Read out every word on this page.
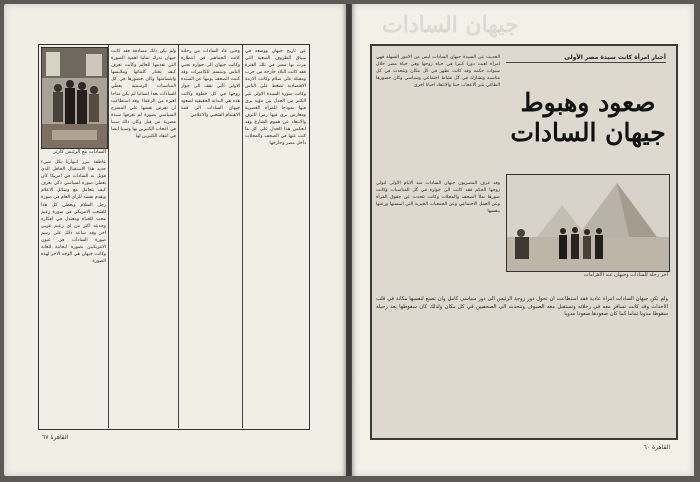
السادات مع الرئيس كارتر
عاطفة يبرر انبهارنا بكل شيء جديد هذا الاستقبال الحافل الذي قوبل به السادات في امريكا كان يعطي صورة لسياسي ذكي يعرف كيف يتعامل مع وسائل الاعلام ويقدم نفسه للرأي العام في صورة رجل السلام ويعطي كل هذا للشعب الامريكي في صورة زعيم محب للحياة ومعتدل في افكاره وحديثه اكثر من اي زعيم عربي اخر وقد ساعد ذلك على رسم صورة السادات في عيون الامريكيين بصورة ايجابية للغاية وكانت جيهان هي الوجه الاخر لهذه الصورة
ولم يكن ذلك مصادفة فقد كانت جيهان تدرك تماما اهمية الصورة التي تقدمها للعالم وكانت تعرف كيف تختار كلماتها وملابسها وابتسامتها وكان حضورها في كل المناسبات الرسمية يعطي للسادات بعدا انسانيا لم يكن متاحا لغيره من الزعماء وقد استطاعت ان تفرض نفسها على المسرح السياسي بصورة لم تعرفها سيدة مصرية من قبل وكان ذلك سببا في اعجاب الكثيرين بها وسببا ايضا في انتقاد الكثيرين لها
وحين عاد السادات من رحلته كانت الجماهير في انتظاره وكانت جيهان الى جواره تحيي الناس وتبتسم للكاميرات وقد كتبت الصحف يومها عن السيدة الاولى التي تقف الى جوار زوجها في كل خطوة وكانت هذه هي البداية الحقيقية لصعود جيهان السادات الى قمة الاهتمام الشعبي والاعلامي
عن تاريخ جيهان ووضعه في سياق الظروف الصعبة التي مرت بها مصر في تلك الفترة فقد كانت البلاد خارجة من حرب ومقبلة على سلام وكانت الازمة الاقتصادية تضغط على الناس وكانت صورة السيدة الاولى تثير الكثير من الجدل بين مؤيد يرى فيها نموذجا للمرأة العصرية ومعارض يرى فيها رمزا للترف والابتعاد عن هموم الشارع وقد انعكس هذا الجدل على كل ما كتب عنها في الصحف والمجلات داخل مصر وخارجها
القاهرة ٦٧
جيهان السادات
أخبار امرأة كانت سيدة مصر الأولى
صعود وهبوط
جيهان السادات
الحديث عن السيدة جيهان السادات ليس من الامور السهلة فهي امرأة لعبت دورا كبيرا في حياة زوجها وفي حياة مصر خلال سنوات حكمه وقد كانت تظهر في كل مكان وتتحدث في كل مناسبة وتشارك في كل نشاط اجتماعي وسياسي وكان حضورها الطاغي يثير الاعجاب حينا والانتقاد احيانا اخرى
وقد عرف المصريون جيهان السادات منذ الايام الاولى لتولي زوجها الحكم فقد كانت الى جواره في كل المناسبات وكانت صورها تملأ الصحف والمجلات وكانت تتحدث عن حقوق المرأة وعن العمل الاجتماعي وعن الجمعيات الخيرية التي اسستها ورعتها بنفسها
آخر رحلة للسادات وجيهان عند الاهرامات
ولم تكن جيهان السادات امرأة عادية فقد استطاعت ان تحول دور زوجة الرئيس الى دور سياسي كامل وان تصنع لنفسها مكانة في قلب الاحداث وقد كانت تسافر معه في رحلاته وتستقبل معه الضيوف وتتحدث الى الصحفيين في كل مكان ولذلك كان سقوطها بعد رحيله سقوطا مدويا تماما كما كان صعودها صعودا مدويا
القاهرة ٦٠
